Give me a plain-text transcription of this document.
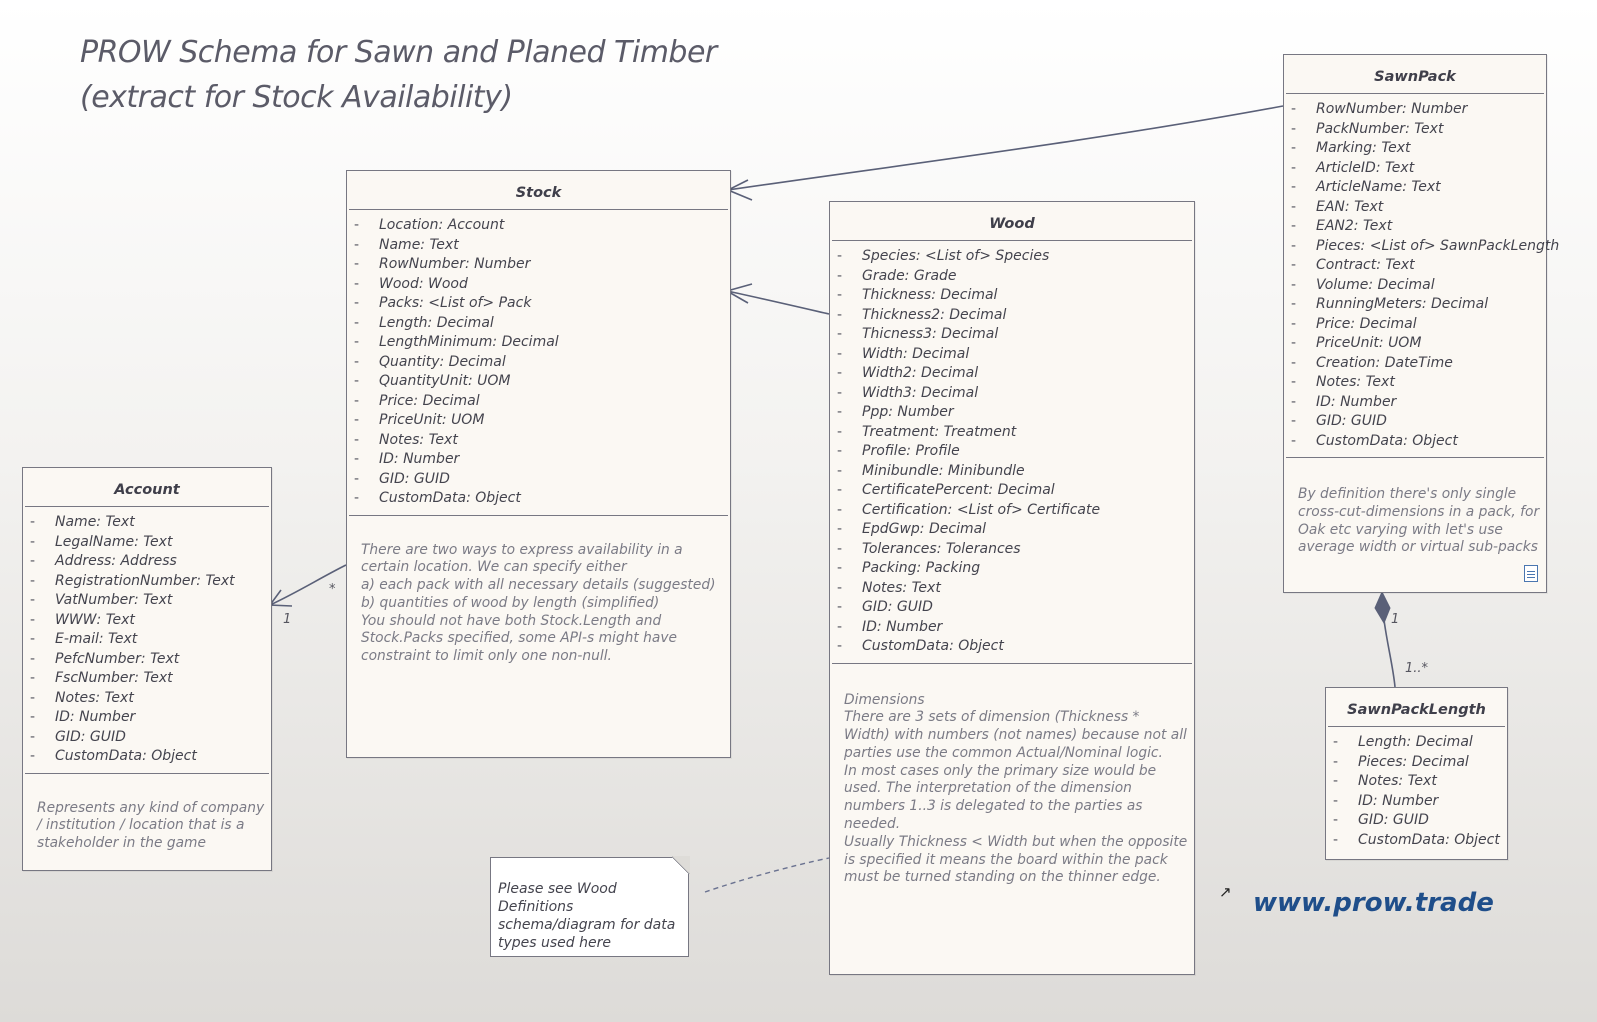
PROW Schema for Sawn and Planed Timber
(extract for Stock Availability)
Stock
- Location: Account
- Name: Text
- RowNumber: Number
- Wood: Wood
- Packs: <List of> Pack
- Length: Decimal
- LengthMinimum: Decimal
- Quantity: Decimal
- QuantityUnit: UOM
- Price: Decimal
- PriceUnit: UOM
- Notes: Text
- ID: Number
- GID: GUID
- CustomData: Object
There are two ways to express availability in a certain location. We can specify either
a) each pack with all necessary details (suggested)
b) quantities of wood by length (simplified)
You should not have both Stock.Length and Stock.Packs specified, some API-s might have constraint to limit only one non-null.
Wood
- Species: <List of> Species
- Grade: Grade
- Thickness: Decimal
- Thickness2: Decimal
- Thicness3: Decimal
- Width: Decimal
- Width2: Decimal
- Width3: Decimal
- Ppp: Number
- Treatment: Treatment
- Profile: Profile
- Minibundle: Minibundle
- CertificatePercent: Decimal
- Certification: <List of> Certificate
- EpdGwp: Decimal
- Tolerances: Tolerances
- Packing: Packing
- Notes: Text
- GID: GUID
- ID: Number
- CustomData: Object
Dimensions
There are 3 sets of dimension (Thickness * Width) with numbers (not names) because not all parties use the common Actual/Nominal logic.
In most cases only the primary size would be used. The interpretation of the dimension numbers 1..3 is delegated to the parties as needed.
Usually Thickness < Width but when the opposite is specified it means the board within the pack must be turned standing on the thinner edge.
Account
- Name: Text
- LegalName: Text
- Address: Address
- RegistrationNumber: Text
- VatNumber: Text
- WWW: Text
- E-mail: Text
- PefcNumber: Text
- FscNumber: Text
- Notes: Text
- ID: Number
- GID: GUID
- CustomData: Object
Represents any kind of company / institution / location that is a stakeholder in the game
SawnPack
- RowNumber: Number
- PackNumber: Text
- Marking: Text
- ArticleID: Text
- ArticleName: Text
- EAN: Text
- EAN2: Text
- Pieces: <List of> SawnPackLength
- Contract: Text
- Volume: Decimal
- RunningMeters: Decimal
- Price: Decimal
- PriceUnit: UOM
- Creation: DateTime
- Notes: Text
- ID: Number
- GID: GUID
- CustomData: Object
By definition there's only single cross-cut-dimensions in a pack, for Oak etc varying with let's use average width or virtual sub-packs
SawnPackLength
- Length: Decimal
- Pieces: Decimal
- Notes: Text
- ID: Number
- GID: GUID
- CustomData: Object
*
1	1
1..*
Please see Wood Definitions schema/diagram for data types used here
↗ www.prow.trade
